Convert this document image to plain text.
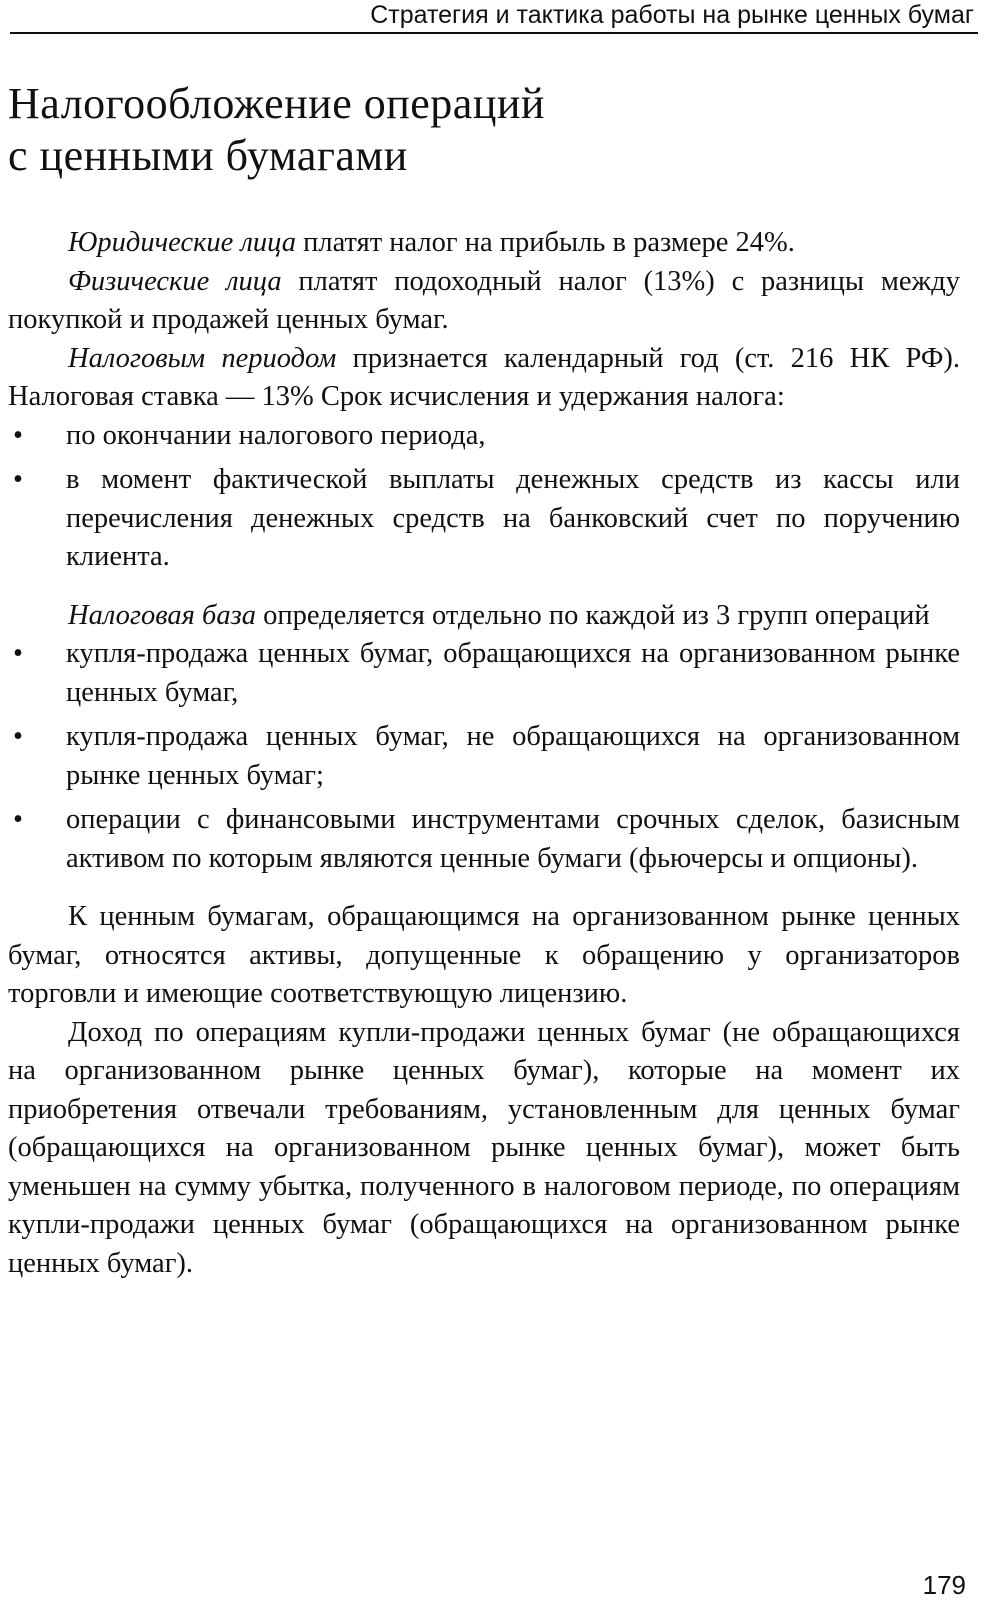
Стратегия и тактика работы на рынке ценных бумаг
Налогообложение операций
с ценными бумагами

Юридические лица платят налог на прибыль в размере 24%.

Физические лица платят подоходный налог (13%) с разницы между покупкой и продажей ценных бумаг.

Налоговым периодом признается календарный год (ст. 216 НК РФ). Налоговая ставка — 13% Срок исчисления и удержания налога:

• по окончании налогового периода,
• в момент фактической выплаты денежных средств из кассы или перечисления денежных средств на банковский счет по поручению клиента.

Налоговая база определяется отдельно по каждой из 3 групп операций

• купля-продажа ценных бумаг, обращающихся на организованном рынке ценных бумаг,
• купля-продажа ценных бумаг, не обращающихся на организованном рынке ценных бумаг;
• операции с финансовыми инструментами срочных сделок, базисным активом по которым являются ценные бумаги (фьючерсы и опционы).

К ценным бумагам, обращающимся на организованном рынке ценных бумаг, относятся активы, допущенные к обращению у организаторов торговли и имеющие соответствующую лицензию.

Доход по операциям купли-продажи ценных бумаг (не обращающихся на организованном рынке ценных бумаг), которые на момент их приобретения отвечали требованиям, установленным для ценных бумаг (обращающихся на организованном рынке ценных бумаг), может быть уменьшен на сумму убытка, полученного в налоговом периоде, по операциям купли-продажи ценных бумаг (обращающихся на организованном рынке ценных бумаг).

179
